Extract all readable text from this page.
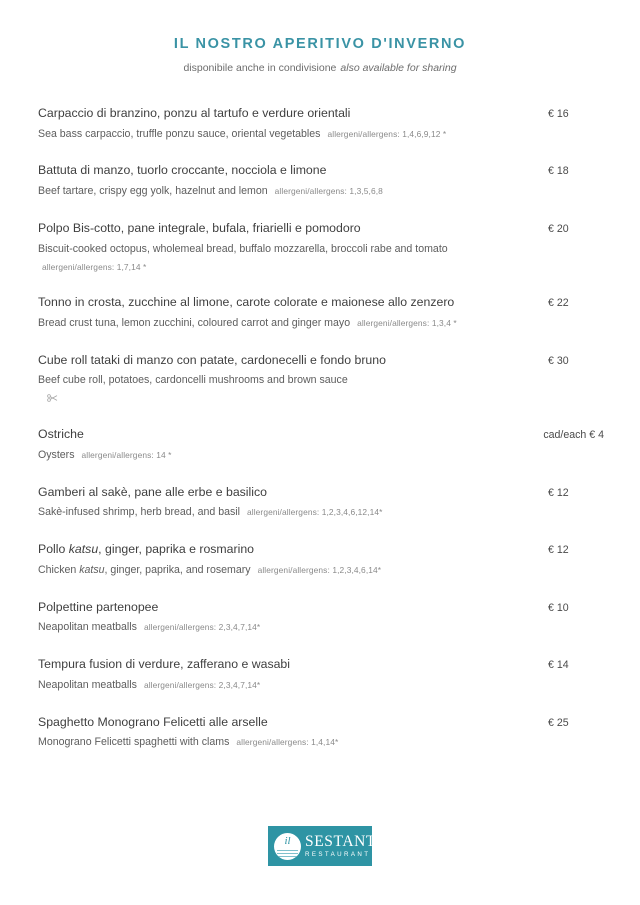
IL NOSTRO APERITIVO D'INVERNO

disponibile anche in condivisione also available for sharing

Carpaccio di branzino, ponzu al tartufo e verdure orientali	€ 16
Sea bass carpaccio, truffle ponzu sauce, oriental vegetables allergeni/allergens: 1,4,6,9,12 *
Battuta di manzo, tuorlo croccante, nocciola e limone	€ 18
Beef tartare, crispy egg yolk, hazelnut and lemon allergeni/allergens: 1,3,5,6,8
Polpo Bis-cotto, pane integrale, bufala, friarielli e pomodoro	€ 20
Biscuit-cooked octopus, wholemeal bread, buffalo mozzarella, broccoli rabe and tomato
allergeni/allergens: 1,7,14 *
Tonno in crosta, zucchine al limone, carote colorate e maionese allo zenzero	€ 22
Bread crust tuna, lemon zucchini, coloured carrot and ginger mayo allergeni/allergens: 1,3,4 *
Cube roll tataki di manzo con patate, cardonecelli e fondo bruno	€ 30
Beef cube roll, potatoes, cardoncelli mushrooms and brown sauce
Ostriche	cad/each € 4
Oysters allergeni/allergens: 14 *
Gamberi al sakè, pane alle erbe e basilico	€ 12
Sakè-infused shrimp, herb bread, and basil allergeni/allergens: 1,2,3,4,6,12,14*
Pollo katsu, ginger, paprika e rosmarino	€ 12
Chicken katsu, ginger, paprika, and rosemary allergeni/allergens: 1,2,3,4,6,14*
Polpettine partenopee	€ 10
Neapolitan meatballs allergeni/allergens: 2,3,4,7,14*
Tempura fusion di verdure, zafferano e wasabi	€ 14
Neapolitan meatballs allergeni/allergens: 2,3,4,7,14*
Spaghetto Monograno Felicetti alle arselle	€ 25
Monograno Felicetti spaghetti with clams allergeni/allergens: 1,4,14*
il SESTANTE
RESTAURANT
